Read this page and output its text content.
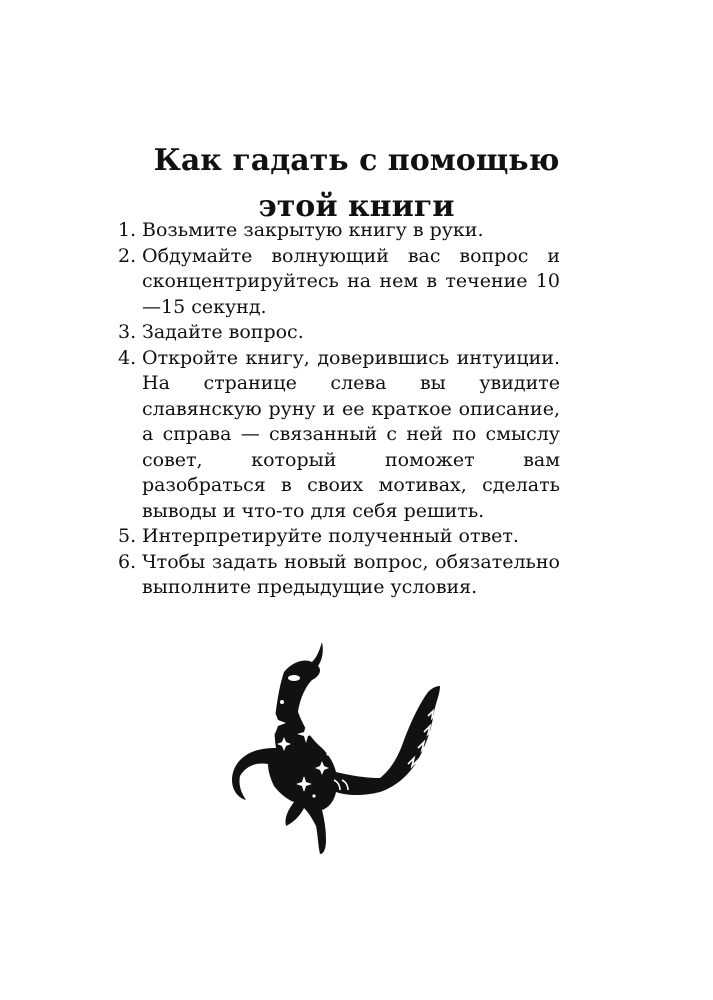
Как гадать с помощью
этой книги
1. Возьмите закрытую книгу в руки.
2. Обдумайте волнующий вас вопрос и сконцентрируйтесь на нем в течение 10—15 секунд.
3. Задайте вопрос.
4. Откройте книгу, доверившись интуиции. На странице слева вы увидите славянскую руну и ее краткое описание, а справа — связанный с ней по смыслу совет, который поможет вам разобраться в своих мотивах, сделать выводы и что-то для себя решить.
5. Интерпретируйте полученный ответ.
6. Чтобы задать новый вопрос, обязательно выполните предыдущие условия.
